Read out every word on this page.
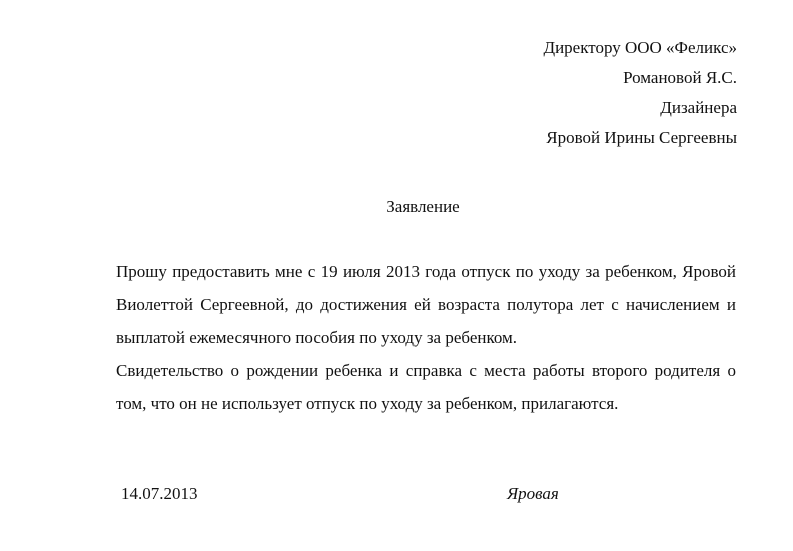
Директору ООО «Феликс»
Романовой Я.С.
Дизайнера
Яровой Ирины Сергеевны
Заявление

Прошу предоставить мне с 19 июля 2013 года отпуск по уходу за ребенком, Яровой Виолеттой Сергеевной, до достижения ей возраста полутора лет с начислением и выплатой ежемесячного пособия по уходу за ребенком.

Свидетельство о рождении ребенка и справка с места работы второго родителя о том, что он не использует отпуск по уходу за ребенком, прилагаются.

14.07.2013	Яровая
